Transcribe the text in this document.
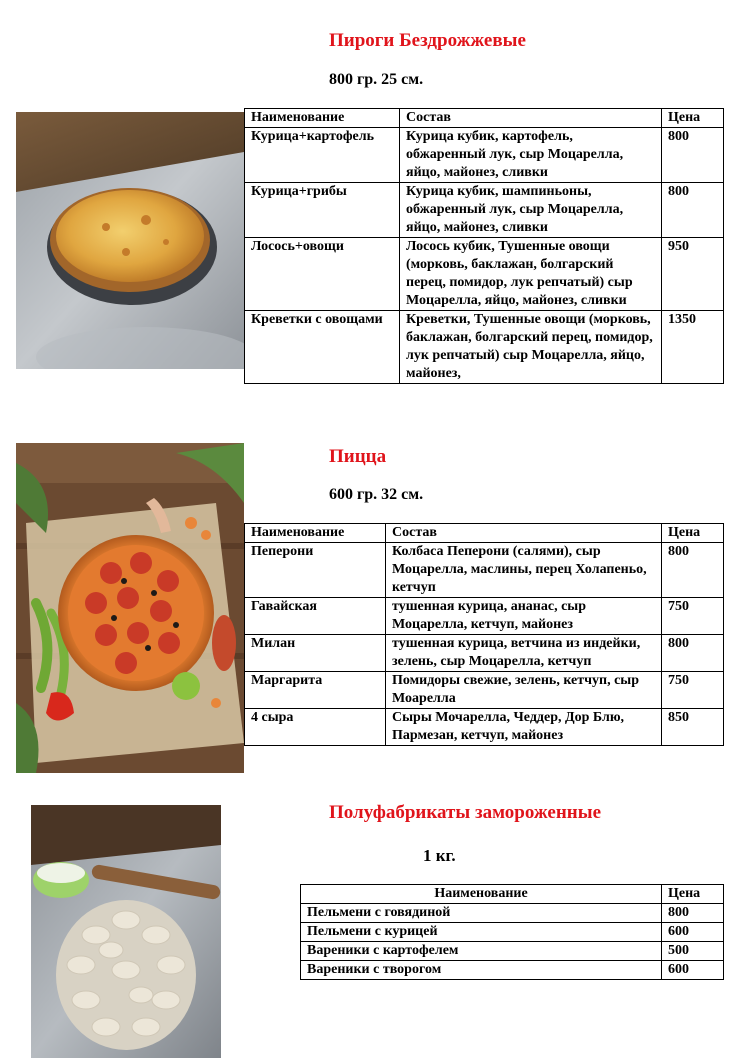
Пироги Бездрожжевые
800 гр. 25 см.
Наименование	Состав	Цена
Курица+картофель	Курица кубик, картофель, обжаренный лук, сыр Моцарелла, яйцо, майонез, сливки	800
Курица+грибы	Курица кубик, шампиньоны, обжаренный лук, сыр Моцарелла, яйцо, майонез, сливки	800
Лосось+овощи	Лосось кубик, Тушенные овощи (морковь, баклажан, болгарский перец, помидор, лук репчатый) сыр Моцарелла, яйцо, майонез, сливки	950
Креветки с овощами	Креветки, Тушенные овощи (морковь, баклажан, болгарский перец, помидор, лук репчатый) сыр Моцарелла, яйцо, майонез,	1350
Пицца
600 гр. 32 см.
Наименование	Состав	Цена
Пеперони	Колбаса Пеперони (салями), сыр Моцарелла, маслины, перец Холапеньо, кетчуп	800
Гавайская	тушенная курица, ананас, сыр Моцарелла, кетчуп, майонез	750
Милан	тушенная курица, ветчина из индейки, зелень, сыр Моцарелла, кетчуп	800
Маргарита	Помидоры свежие, зелень, кетчуп, сыр Моарелла	750
4 сыра	Сыры Мочарелла, Чеддер, Дор Блю, Пармезан, кетчуп, майонез	850
Полуфабрикаты замороженные
1 кг.
Наименование	Цена
Пельмени с говядиной	800
Пельмени с курицей	600
Вареники с картофелем	500
Вареники с творогом	600
